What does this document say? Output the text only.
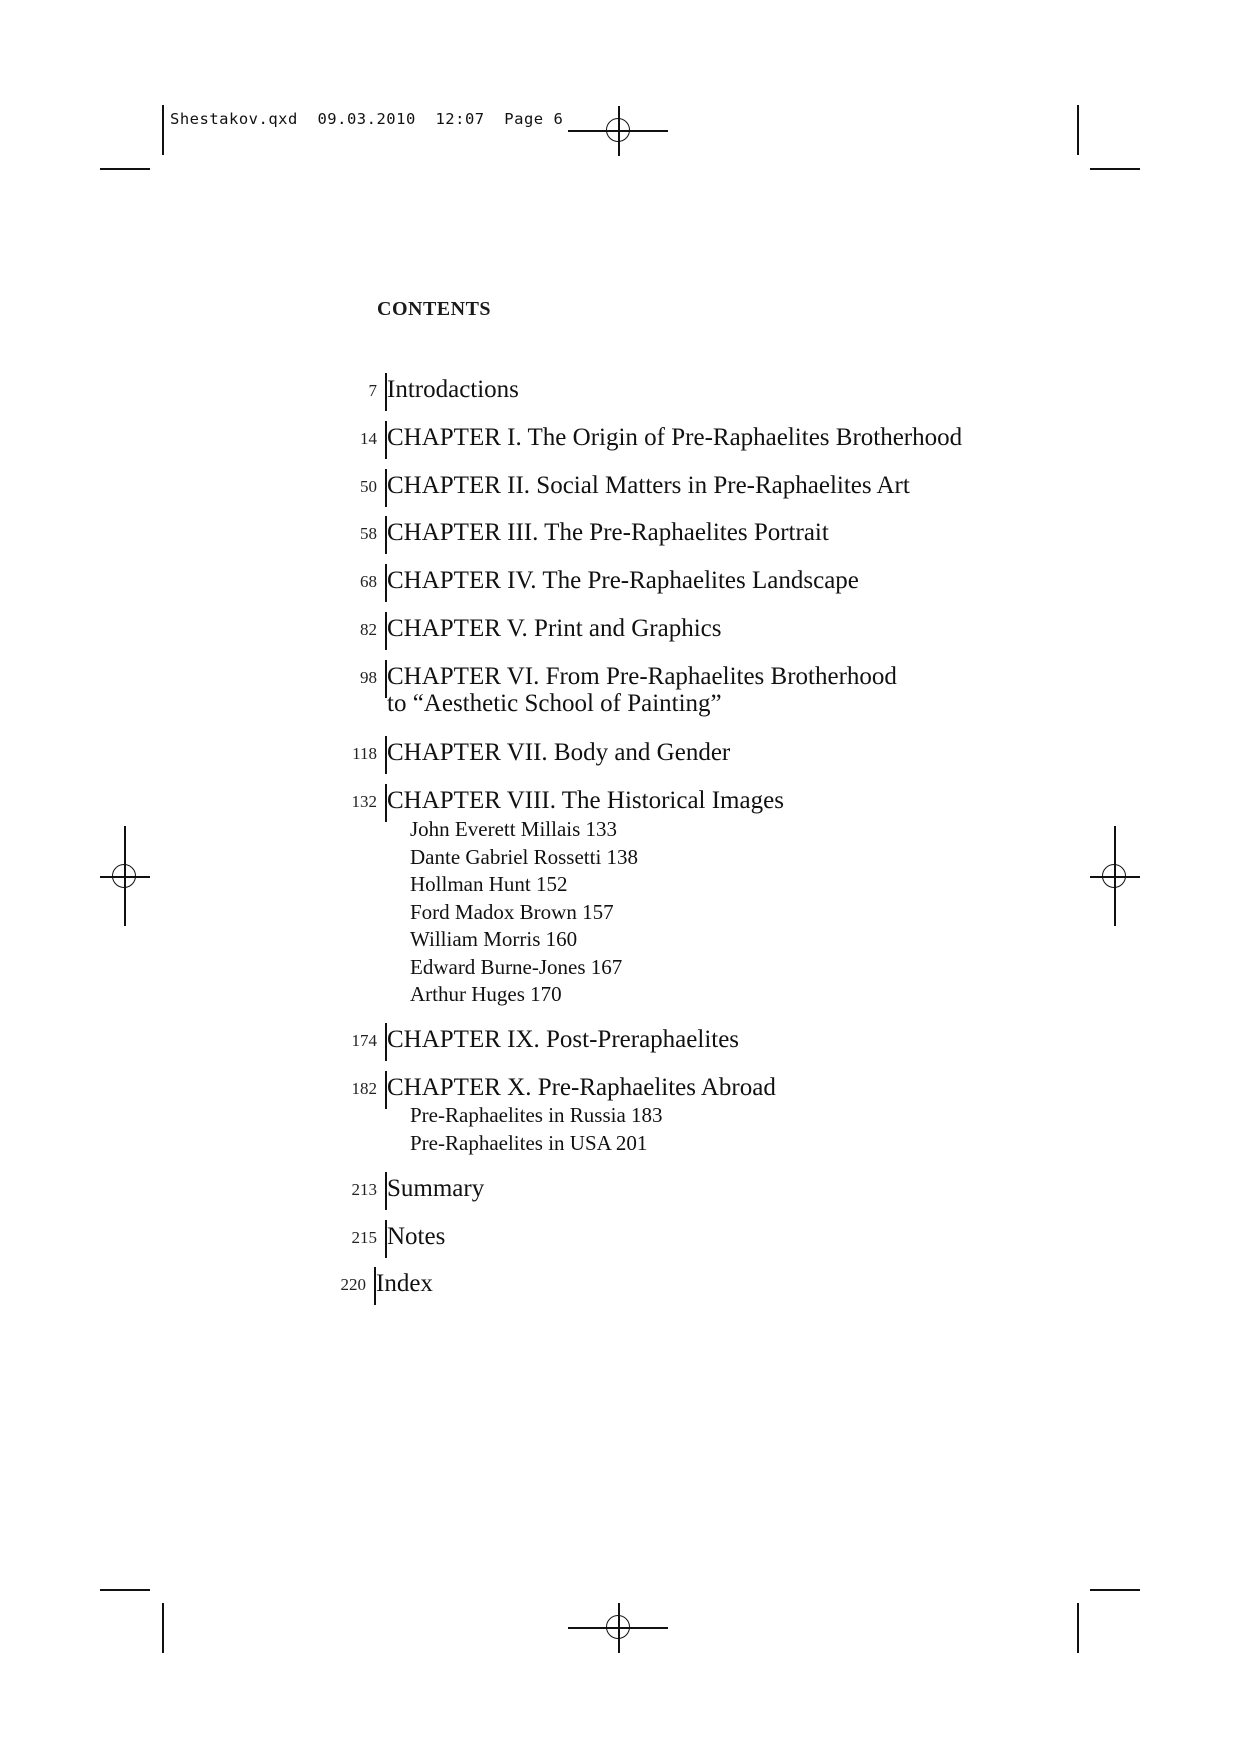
Shestakov.qxd  09.03.2010  12:07  Page 6
CONTENTS
7 Introdactions
14 CHAPTER I. The Origin of Pre-Raphaelites Brotherhood
50 CHAPTER II. Social Matters in Pre-Raphaelites Art
58 CHAPTER III. The Pre-Raphaelites Portrait
68 CHAPTER IV. The Pre-Raphaelites Landscape
82 CHAPTER V. Print and Graphics
98 CHAPTER VI. From Pre-Raphaelites Brotherhood
to “Aesthetic School of Painting”
118 CHAPTER VII. Body and Gender
132 CHAPTER VIII. The Historical Images
John Everett Millais 133
Dante Gabriel Rossetti 138
Hollman Hunt 152
Ford Madox Brown 157
William Morris 160
Edward Burne-Jones 167
Arthur Huges 170
174 CHAPTER IX. Post-Preraphaelites
182 CHAPTER X. Pre-Raphaelites Abroad
Pre-Raphaelites in Russia 183
Pre-Raphaelites in USA 201
213 Summary
215 Notes
220 Index
